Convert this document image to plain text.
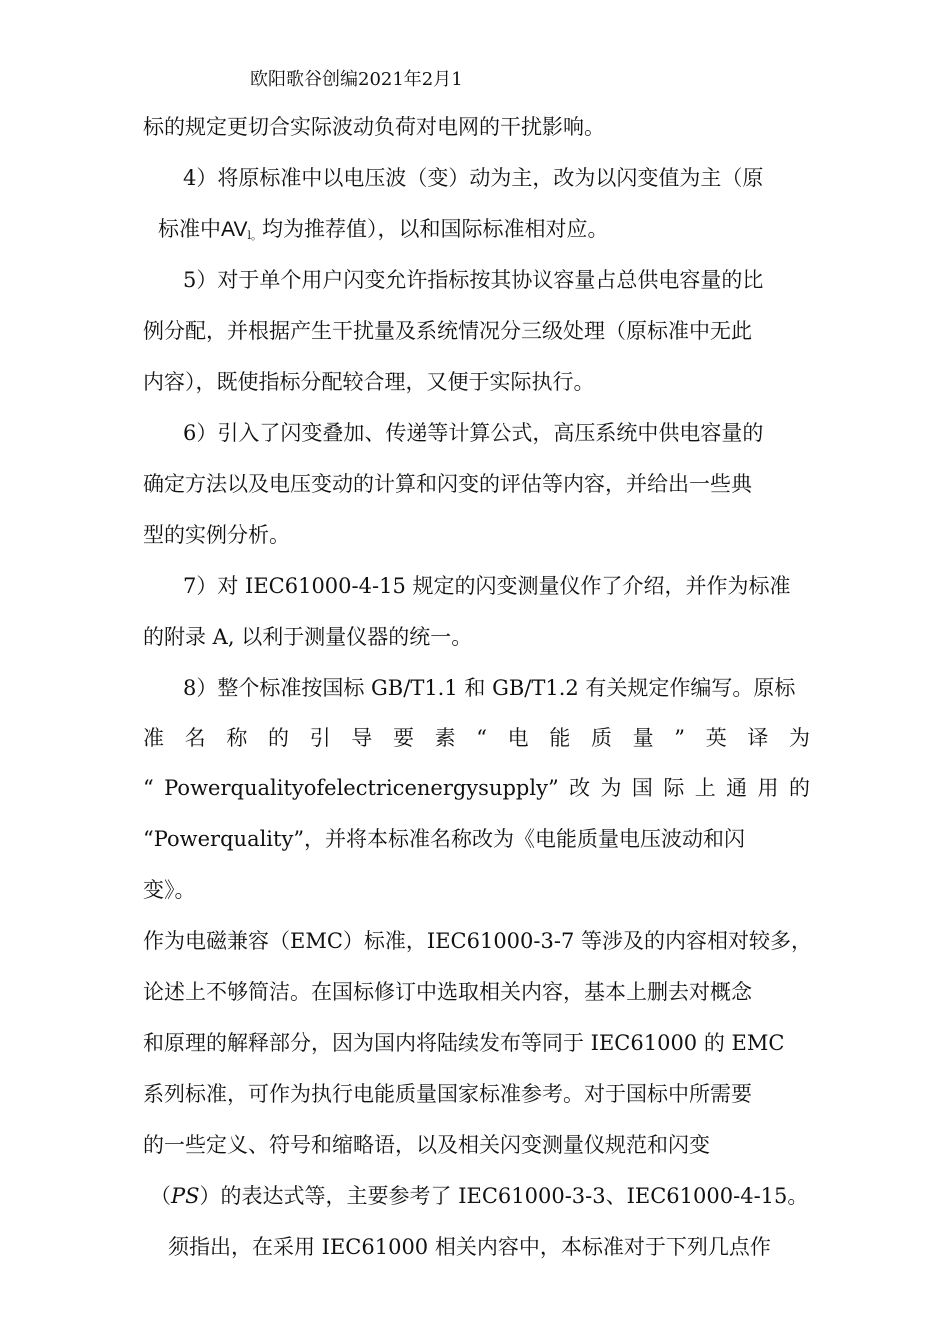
欧阳歌谷创编2021年2月1
标的规定更切合实际波动负荷对电网的干扰影响。
4）将原标准中以电压波（变）动为主，改为以闪变值为主（原
标准中$AV_{l。}$均为推荐值），以和国际标准相对应。
5）对于单个用户闪变允许指标按其协议容量占总供电容量的比
例分配，并根据产生干扰量及系统情况分三级处理（原标准中无此
内容），既使指标分配较合理，又便于实际执行。
6）引入了闪变叠加、传递等计算公式，高压系统中供电容量的
确定方法以及电压变动的计算和闪变的评估等内容，并给出一些典
型的实例分析。
7）对 IEC61000-4-15 规定的闪变测量仪作了介绍，并作为标准
的附录 A, 以利于测量仪器的统一。
8）整个标准按国标 GB/T1.1 和 GB/T1.2 有关规定作编写。原标
准 名 称 的 引 导 要 素 “ 电 能 质 量 ” 英 译 为
“ Powerqualityofelectricenergysupply” 改 为 国 际 上 通 用 的
“Powerquality”，并将本标准名称改为《电能质量电压波动和闪
变》。
作为电磁兼容（EMC）标准，IEC61000-3-7 等涉及的内容相对较多，
论述上不够简洁。在国标修订中选取相关内容，基本上删去对概念
和原理的解释部分，因为国内将陆续发布等同于 IEC61000 的 EMC
系列标准，可作为执行电能质量国家标准参考。对于国标中所需要
的一些定义、符号和缩略语，以及相关闪变测量仪规范和闪变
（PS）的表达式等，主要参考了 IEC61000-3-3、IEC61000-4-15。
须指出，在采用 IEC61000 相关内容中，本标准对于下列几点作
